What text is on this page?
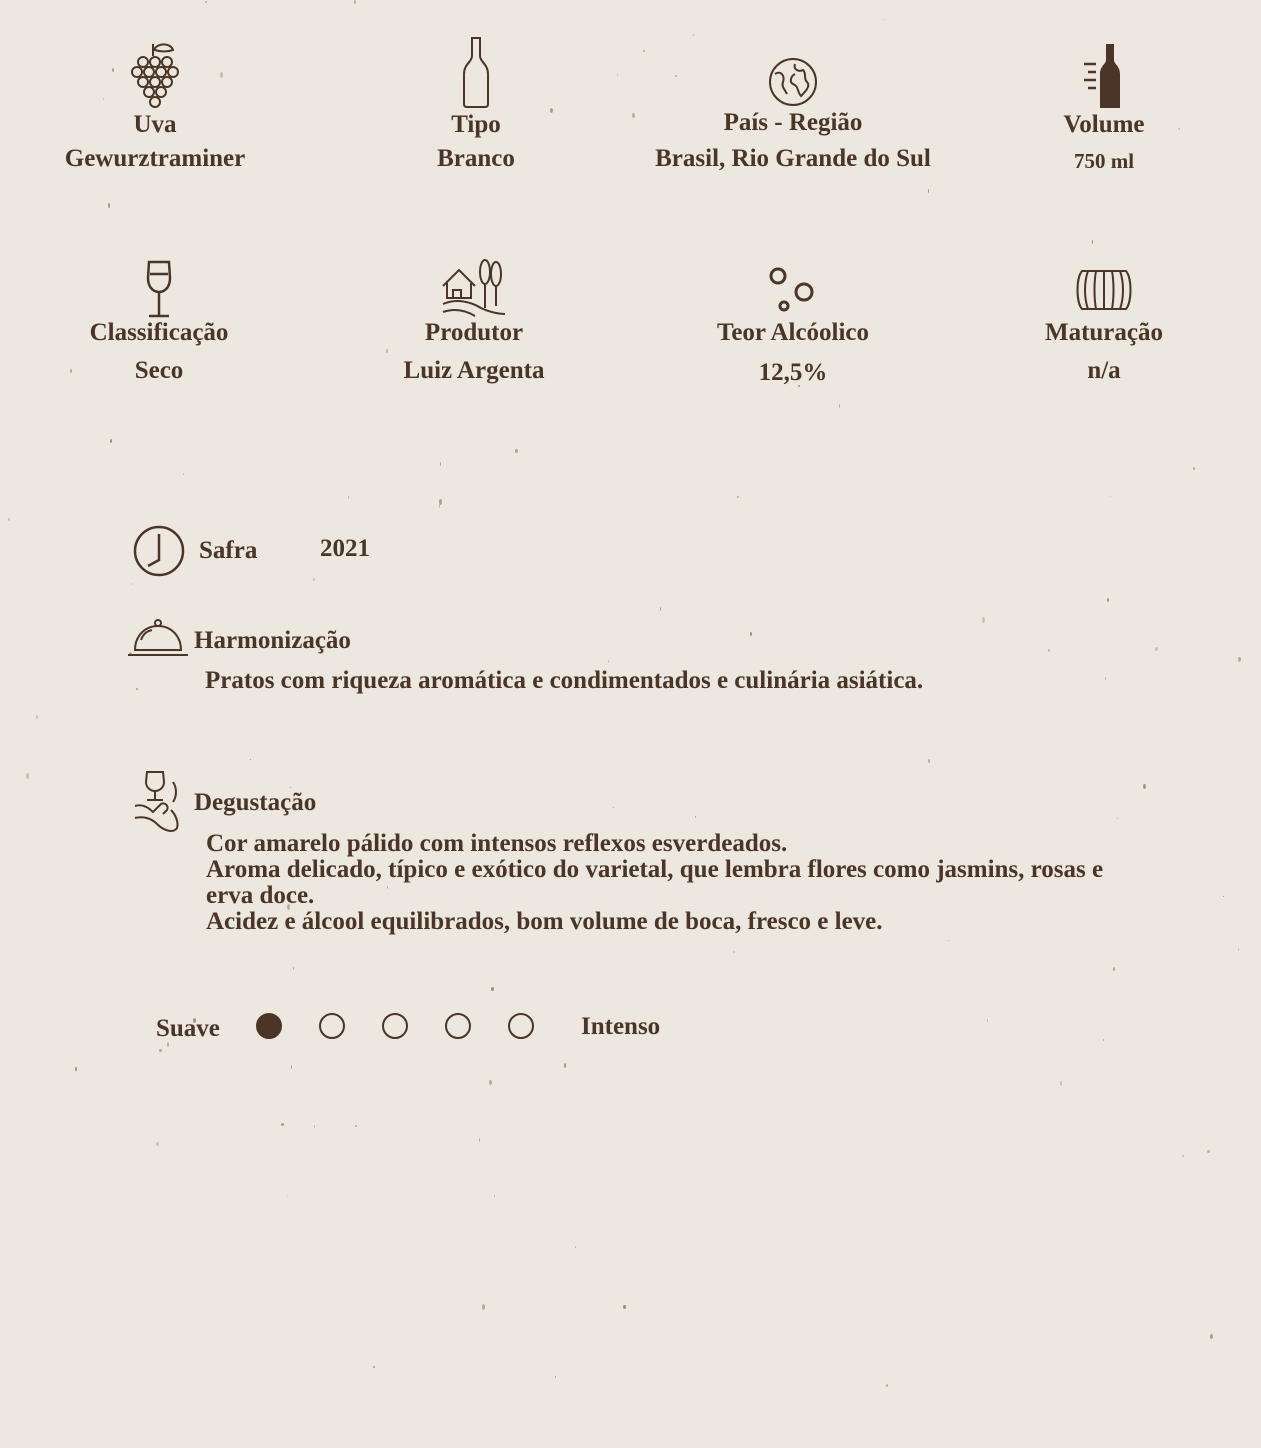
Uva
Gewurztraminer
Tipo
Branco
País - Região
Brasil, Rio Grande do Sul
Volume
750 ml
Classificação
Seco
Produtor
Luiz Argenta
Teor Alcóolico
12,5%
Maturação
n/a
Safra	2021
Harmonização
Pratos com riqueza aromática e condimentados e culinária asiática.
Degustação

Cor amarelo pálido com intensos reflexos esverdeados.

Aroma delicado, típico e exótico do varietal, que lembra flores como jasmins, rosas e erva doce.

Acidez e álcool equilibrados, bom volume de boca, fresco e leve.

Suave	Intenso
